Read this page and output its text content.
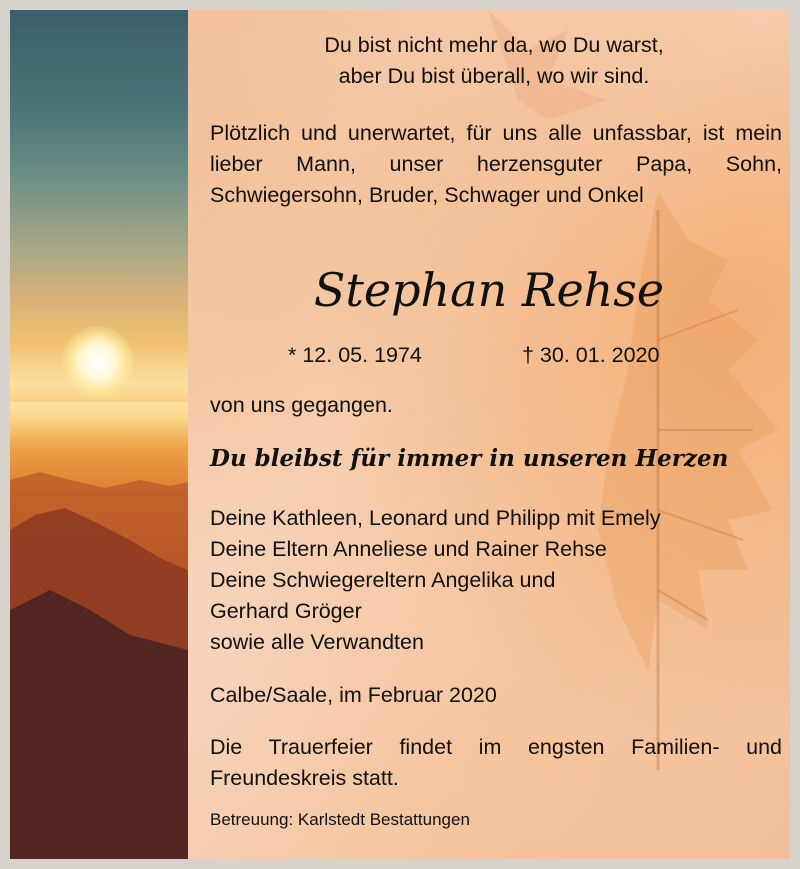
Du bist nicht mehr da, wo Du warst,
aber Du bist überall, wo wir sind.
Plötzlich und unerwartet, für uns alle unfassbar, ist mein lieber Mann, unser herzensguter Papa, Sohn, Schwiegersohn, Bruder, Schwager und Onkel
Stephan Rehse
* 12. 05. 1974	† 30. 01. 2020
von uns gegangen.
Du bleibst für immer in unseren Herzen
Deine Kathleen, Leonard und Philipp mit Emely
Deine Eltern Anneliese und Rainer Rehse
Deine Schwiegereltern Angelika und
Gerhard Gröger
sowie alle Verwandten
Calbe/Saale, im Februar 2020
Die Trauerfeier findet im engsten Familien- und Freundeskreis statt.
Betreuung: Karlstedt Bestattungen
